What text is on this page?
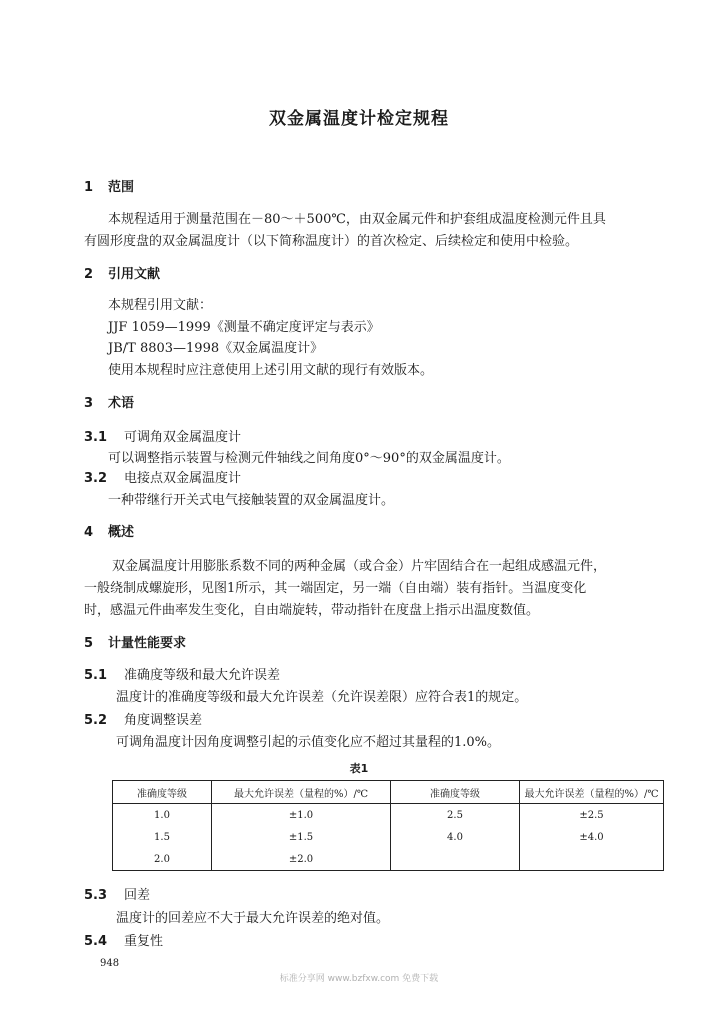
双金属温度计检定规程
1 范围
本规程适用于测量范围在－80～＋500℃，由双金属元件和护套组成温度检测元件且具
有圆形度盘的双金属温度计（以下简称温度计）的首次检定、后续检定和使用中检验。
2 引用文献
本规程引用文献：
JJF 1059—1999《测量不确定度评定与表示》
JB/T 8803—1998《双金属温度计》
使用本规程时应注意使用上述引用文献的现行有效版本。
3 术语
3.1 可调角双金属温度计
可以调整指示装置与检测元件轴线之间角度0°～90°的双金属温度计。
3.2 电接点双金属温度计
一种带继行开关式电气接触装置的双金属温度计。
4 概述
双金属温度计用膨胀系数不同的两种金属（或合金）片牢固结合在一起组成感温元件，
一般绕制成螺旋形，见图1所示，其一端固定，另一端（自由端）装有指针。当温度变化
时，感温元件曲率发生变化，自由端旋转，带动指针在度盘上指示出温度数值。
5 计量性能要求
5.1 准确度等级和最大允许误差
温度计的准确度等级和最大允许误差（允许误差限）应符合表1的规定。
5.2 角度调整误差
可调角温度计因角度调整引起的示值变化应不超过其量程的1.0%。
表1
准确度等级	最大允许误差（量程的%）/℃	准确度等级	最大允许误差（量程的%）/℃
1.0	±1.0	2.5	±2.5
1.5	±1.5	4.0	±4.0
2.0	±2.0		
5.3 回差
温度计的回差应不大于最大允许误差的绝对值。
5.4 重复性
948
标准分享网 www.bzfxw.com 免费下载
